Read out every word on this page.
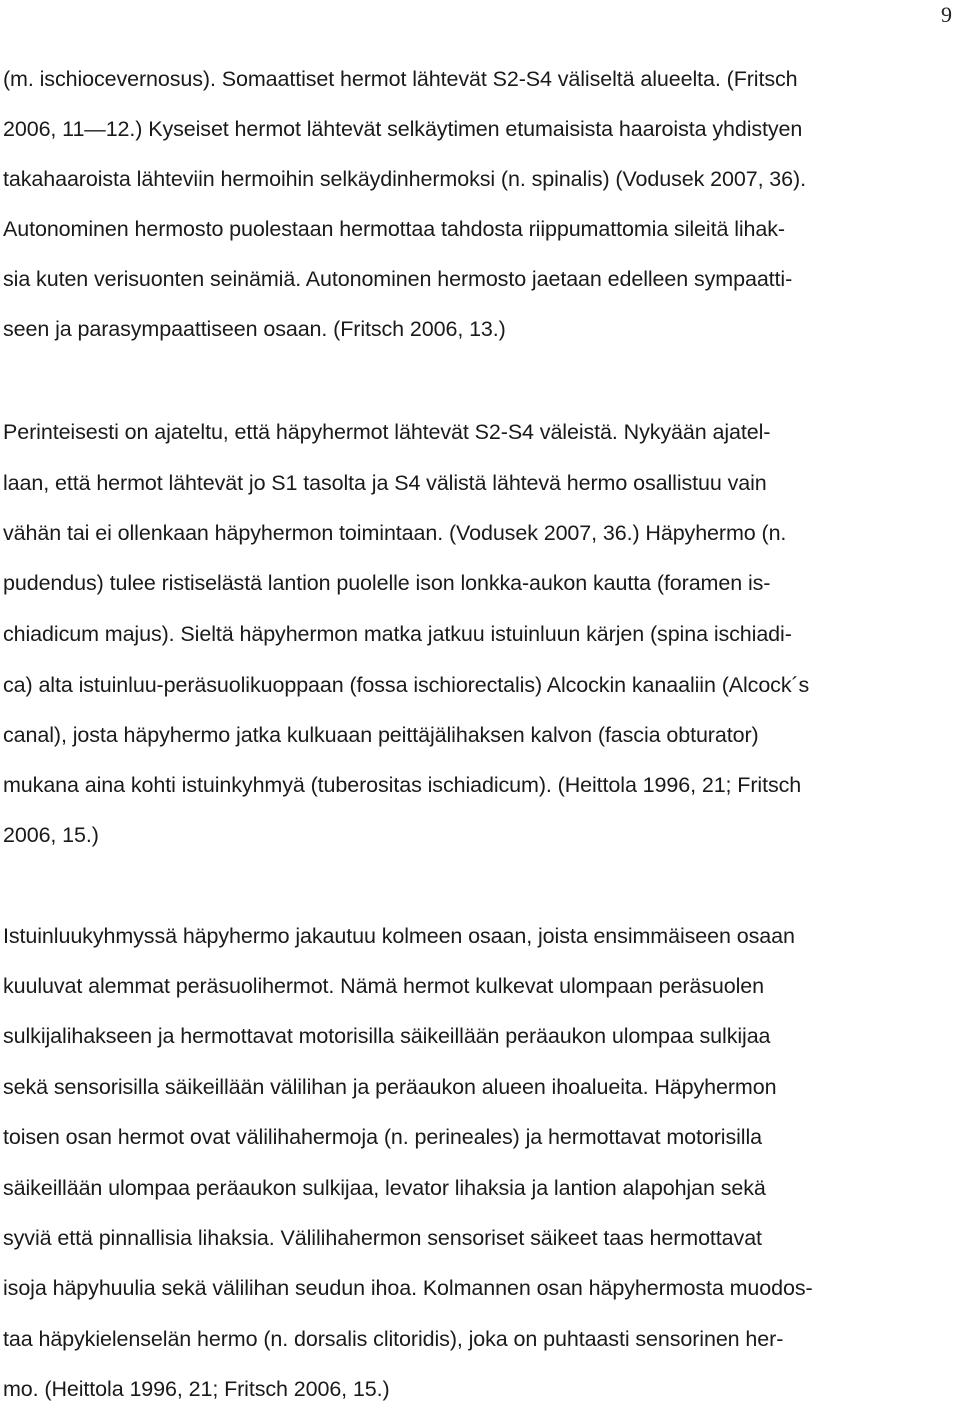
9
(m. ischiocevernosus). Somaattiset hermot lähtevät S2-S4 väliseltä alueelta. (Fritsch
2006, 11—12.) Kyseiset hermot lähtevät selkäytimen etumaisista haaroista yhdistyen
takahaaroista lähteviin hermoihin selkäydinhermoksi (n. spinalis) (Vodusek 2007, 36).
Autonominen hermosto puolestaan hermottaa tahdosta riippumattomia sileitä lihak-
sia kuten verisuonten seinämiä. Autonominen hermosto jaetaan edelleen sympaatti-
seen ja parasympaattiseen osaan. (Fritsch 2006, 13.)
Perinteisesti on ajateltu, että häpyhermot lähtevät S2-S4 väleistä. Nykyään ajatel-
laan, että hermot lähtevät jo S1 tasolta ja S4 välistä lähtevä hermo osallistuu vain
vähän tai ei ollenkaan häpyhermon toimintaan. (Vodusek 2007, 36.) Häpyhermo (n.
pudendus) tulee ristiselästä lantion puolelle ison lonkka-aukon kautta (foramen is-
chiadicum majus). Sieltä häpyhermon matka jatkuu istuinluun kärjen (spina ischiadi-
ca) alta istuinluu-peräsuolikuoppaan (fossa ischiorectalis) Alcockin kanaaliin (Alcock´s
canal), josta häpyhermo jatka kulkuaan peittäjälihaksen kalvon (fascia obturator)
mukana aina kohti istuinkyhmyä (tuberositas ischiadicum). (Heittola 1996, 21; Fritsch
2006, 15.)
Istuinluukyhmyssä häpyhermo jakautuu kolmeen osaan, joista ensimmäiseen osaan
kuuluvat alemmat peräsuolihermot. Nämä hermot kulkevat ulompaan peräsuolen
sulkijalihakseen ja hermottavat motorisilla säikeillään peräaukon ulompaa sulkijaa
sekä sensorisilla säikeillään välilihan ja peräaukon alueen ihoalueita. Häpyhermon
toisen osan hermot ovat välilihahermoja (n. perineales) ja hermottavat motorisilla
säikeillään ulompaa peräaukon sulkijaa, levator lihaksia ja lantion alapohjan sekä
syviä että pinnallisia lihaksia. Välilihahermon sensoriset säikeet taas hermottavat
isoja häpyhuulia sekä välilihan seudun ihoa. Kolmannen osan häpyhermosta muodos-
taa häpykielenselän hermo (n. dorsalis clitoridis), joka on puhtaasti sensorinen her-
mo. (Heittola 1996, 21; Fritsch 2006, 15.)
